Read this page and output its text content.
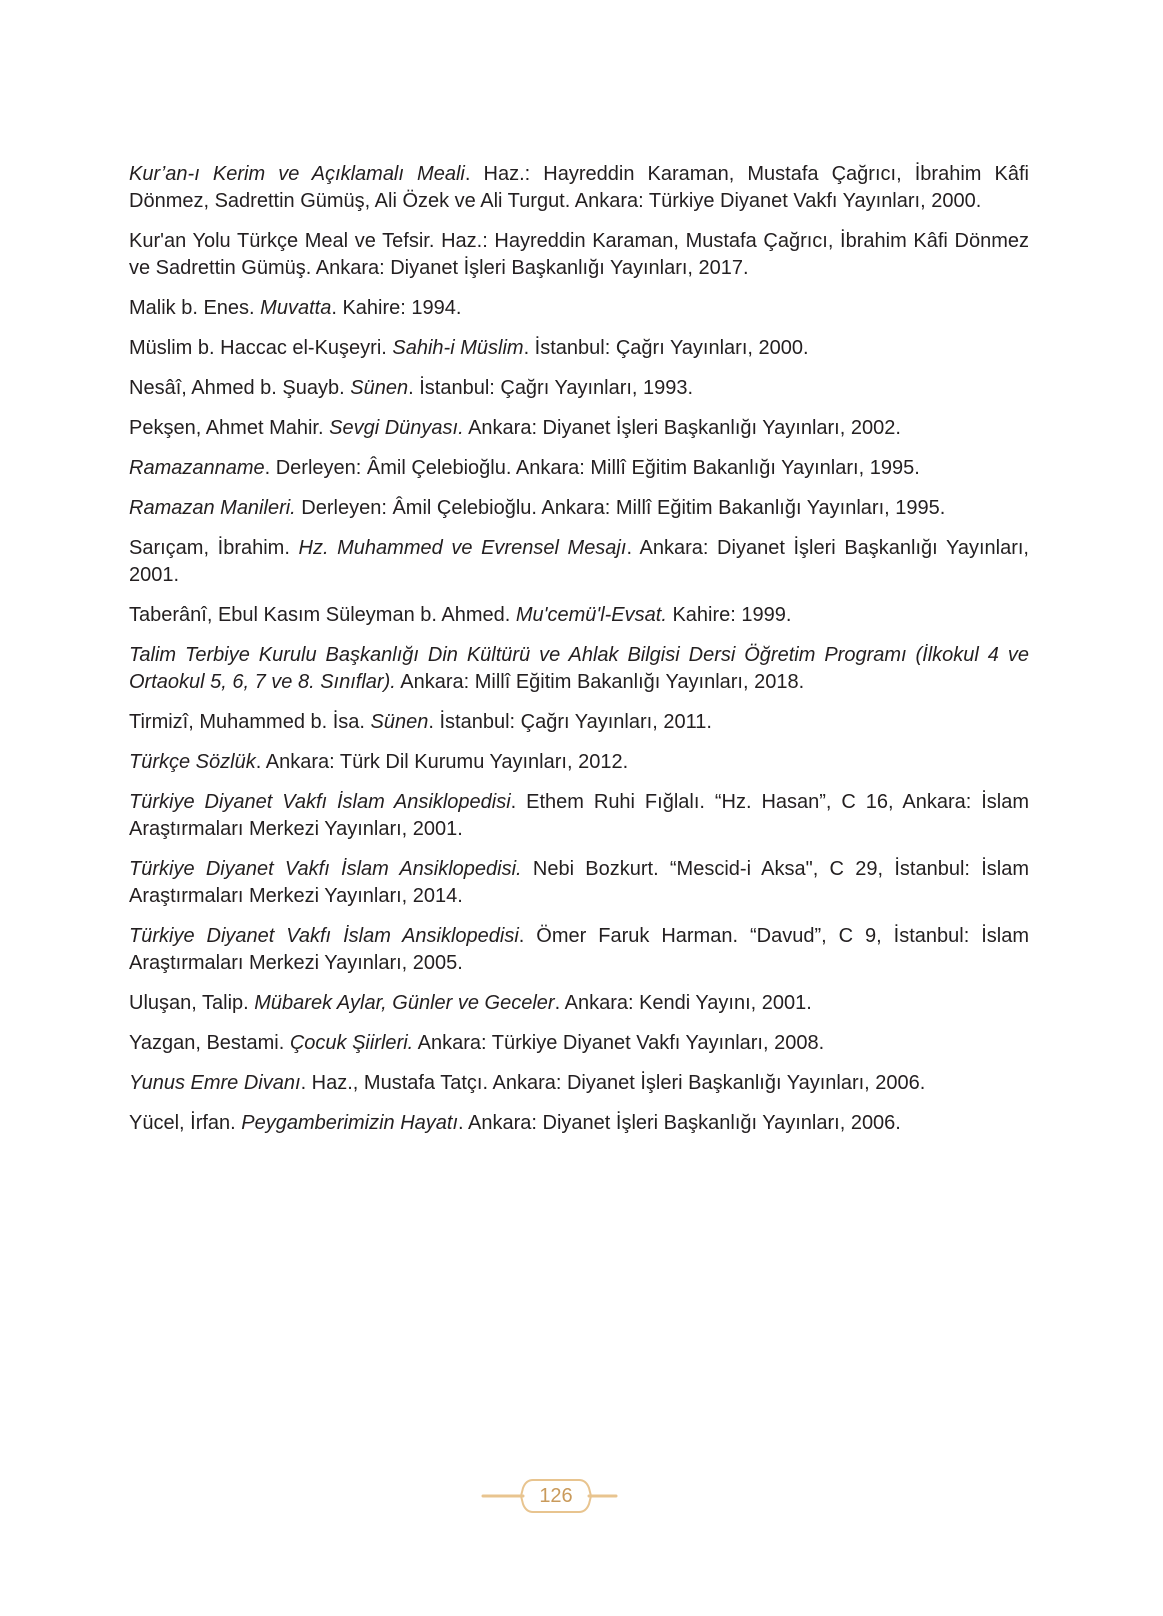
Kur’an-ı Kerim ve Açıklamalı Meali. Haz.: Hayreddin Karaman, Mustafa Çağrıcı, İbrahim Kâfi Dönmez, Sadrettin Gümüş, Ali Özek ve Ali Turgut. Ankara: Türkiye Diyanet Vakfı Yayınları, 2000.

Kur'an Yolu Türkçe Meal ve Tefsir. Haz.: Hayreddin Karaman, Mustafa Çağrıcı, İbrahim Kâfi Dönmez ve Sadrettin Gümüş. Ankara: Diyanet İşleri Başkanlığı Yayınları, 2017.

Malik b. Enes. Muvatta. Kahire: 1994.

Müslim b. Haccac el-Kuşeyri. Sahih-i Müslim. İstanbul: Çağrı Yayınları, 2000.

Nesâî, Ahmed b. Şuayb. Sünen. İstanbul: Çağrı Yayınları, 1993.

Pekşen, Ahmet Mahir. Sevgi Dünyası. Ankara: Diyanet İşleri Başkanlığı Yayınları, 2002.

Ramazanname. Derleyen: Âmil Çelebioğlu. Ankara: Millî Eğitim Bakanlığı Yayınları, 1995.

Ramazan Manileri. Derleyen: Âmil Çelebioğlu. Ankara: Millî Eğitim Bakanlığı Yayınları, 1995.

Sarıçam, İbrahim. Hz. Muhammed ve Evrensel Mesajı. Ankara: Diyanet İşleri Başkanlığı Yayınları, 2001.

Taberânî, Ebul Kasım Süleyman b. Ahmed. Mu'cemü'l-Evsat. Kahire: 1999.

Talim Terbiye Kurulu Başkanlığı Din Kültürü ve Ahlak Bilgisi Dersi Öğretim Programı (İlkokul 4 ve Ortaokul 5, 6, 7 ve 8. Sınıflar). Ankara: Millî Eğitim Bakanlığı Yayınları, 2018.

Tirmizî, Muhammed b. İsa. Sünen. İstanbul: Çağrı Yayınları, 2011.

Türkçe Sözlük. Ankara: Türk Dil Kurumu Yayınları, 2012.

Türkiye Diyanet Vakfı İslam Ansiklopedisi. Ethem Ruhi Fığlalı. “Hz. Hasan”, C 16, Ankara: İslam Araştırmaları Merkezi Yayınları, 2001.

Türkiye Diyanet Vakfı İslam Ansiklopedisi. Nebi Bozkurt. “Mescid-i Aksa", C 29, İstanbul: İslam Araştırmaları Merkezi Yayınları, 2014.

Türkiye Diyanet Vakfı İslam Ansiklopedisi. Ömer Faruk Harman. “Davud”, C 9, İstanbul: İslam Araştırmaları Merkezi Yayınları, 2005.

Uluşan, Talip. Mübarek Aylar, Günler ve Geceler. Ankara: Kendi Yayını, 2001.

Yazgan, Bestami. Çocuk Şiirleri. Ankara: Türkiye Diyanet Vakfı Yayınları, 2008.

Yunus Emre Divanı. Haz., Mustafa Tatçı. Ankara: Diyanet İşleri Başkanlığı Yayınları, 2006.

Yücel, İrfan. Peygamberimizin Hayatı. Ankara: Diyanet İşleri Başkanlığı Yayınları, 2006.

126
